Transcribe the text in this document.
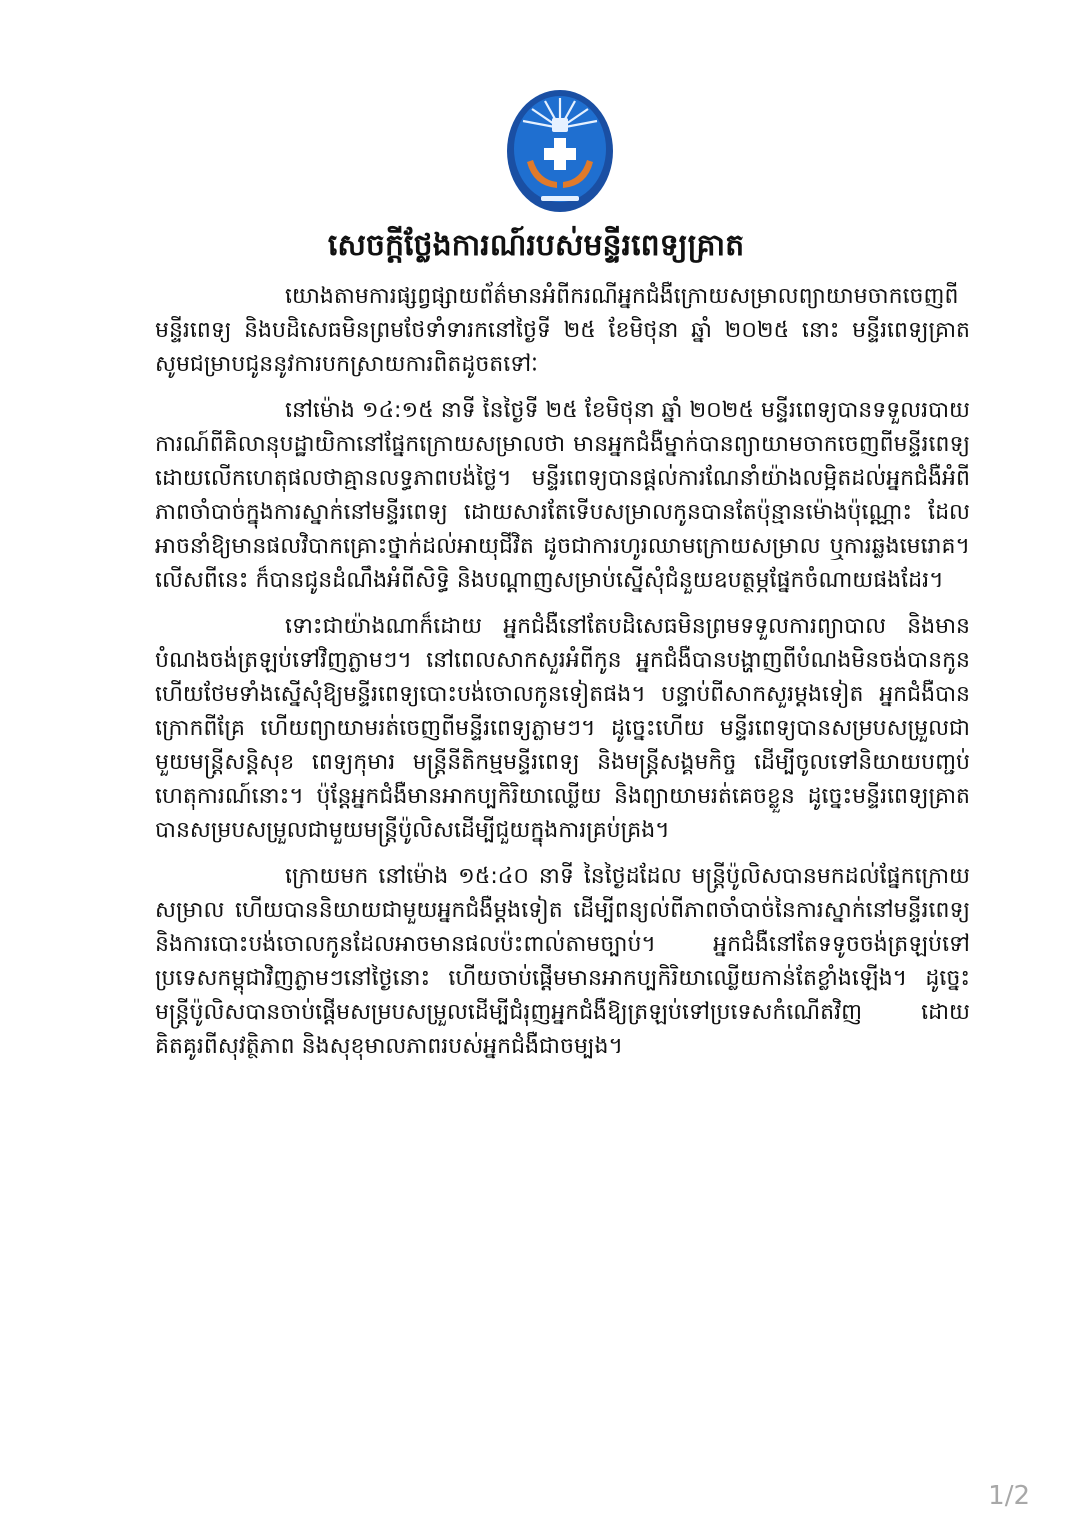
សេចក្ដីថ្លែងការណ៍របស់មន្ទីរពេទ្យគ្រាត

យោងតាមការផ្សព្វផ្សាយព័ត៌មានអំពីករណីអ្នកជំងឺក្រោយសម្រាលព្យាយាមចាកចេញពីមន្ទីរពេទ្យ និងបដិសេធមិនព្រមថែទាំទារកនៅថ្ងៃទី ២៥ ខែមិថុនា ឆ្នាំ ២០២៥ នោះ មន្ទីរពេទ្យគ្រាត សូមជម្រាបជូននូវការបកស្រាយការពិតដូចតទៅៈ

នៅម៉ោង ១៤:១៥ នាទី នៃថ្ងៃទី ២៥ ខែមិថុនា ឆ្នាំ ២០២៥ មន្ទីរពេទ្យបានទទួលរបាយការណ៍ពីគិលានុបដ្ឋាយិកានៅផ្នែកក្រោយសម្រាលថា មានអ្នកជំងឺម្នាក់បានព្យាយាមចាកចេញពីមន្ទីរពេទ្យដោយលើកហេតុផលថាគ្មានលទ្ធភាពបង់ថ្លៃ។ មន្ទីរពេទ្យបានផ្ដល់ការណែនាំយ៉ាងលម្អិតដល់អ្នកជំងឺអំពីភាពចាំបាច់ក្នុងការស្នាក់នៅមន្ទីរពេទ្យ ដោយសារតែទើបសម្រាលកូនបានតែប៉ុន្មានម៉ោងប៉ុណ្ណោះ ដែលអាចនាំឱ្យមានផលវិបាកគ្រោះថ្នាក់ដល់អាយុជីវិត ដូចជាការហូរឈាមក្រោយសម្រាល ឬការឆ្លងមេរោគ។ លើសពីនេះ ក៏បានជូនដំណឹងអំពីសិទ្ធិ និងបណ្ដាញសម្រាប់ស្នើសុំជំនួយឧបត្ថម្ភផ្នែកចំណាយផងដែរ។

ទោះជាយ៉ាងណាក៏ដោយ អ្នកជំងឺនៅតែបដិសេធមិនព្រមទទួលការព្យាបាល និងមានបំណងចង់ត្រឡប់ទៅវិញភ្លាមៗ។ នៅពេលសាកសួរអំពីកូន អ្នកជំងឺបានបង្ហាញពីបំណងមិនចង់បានកូន ហើយថែមទាំងស្នើសុំឱ្យមន្ទីរពេទ្យបោះបង់ចោលកូនទៀតផង។ បន្ទាប់ពីសាកសួរម្ដងទៀត អ្នកជំងឺបានក្រោកពីគ្រែ ហើយព្យាយាមរត់ចេញពីមន្ទីរពេទ្យភ្លាមៗ។ ដូច្នេះហើយ មន្ទីរពេទ្យបានសម្របសម្រួលជាមួយមន្ត្រីសន្តិសុខ ពេទ្យកុមារ មន្ត្រីនីតិកម្មមន្ទីរពេទ្យ និងមន្ត្រីសង្គមកិច្ច ដើម្បីចូលទៅនិយាយបញ្ជប់ហេតុការណ៍នោះ។ ប៉ុន្តែអ្នកជំងឺមានអាកប្បកិរិយាឈ្លើយ និងព្យាយាមរត់គេចខ្លួន ដូច្នេះមន្ទីរពេទ្យគ្រាតបានសម្របសម្រួលជាមួយមន្ត្រីប៉ូលិសដើម្បីជួយក្នុងការគ្រប់គ្រង។

ក្រោយមក នៅម៉ោង ១៥:៤០ នាទី នៃថ្ងៃដដែល មន្ត្រីប៉ូលិសបានមកដល់ផ្នែកក្រោយសម្រាល ហើយបាននិយាយជាមួយអ្នកជំងឺម្ដងទៀត ដើម្បីពន្យល់ពីភាពចាំបាច់នៃការស្នាក់នៅមន្ទីរពេទ្យ និងការបោះបង់ចោលកូនដែលអាចមានផលប៉ះពាល់តាមច្បាប់។ អ្នកជំងឺនៅតែទទូចចង់ត្រឡប់ទៅប្រទេសកម្ពុជាវិញភ្លាមៗនៅថ្ងៃនោះ ហើយចាប់ផ្ដើមមានអាកប្បកិរិយាឈ្លើយកាន់តែខ្លាំងឡើង។ ដូច្នេះមន្ត្រីប៉ូលិសបានចាប់ផ្ដើមសម្របសម្រួលដើម្បីជំរុញអ្នកជំងឺឱ្យត្រឡប់ទៅប្រទេសកំណើតវិញ ដោយគិតគូរពីសុវត្ថិភាព និងសុខុមាលភាពរបស់អ្នកជំងឺជាចម្បង។

1/2
